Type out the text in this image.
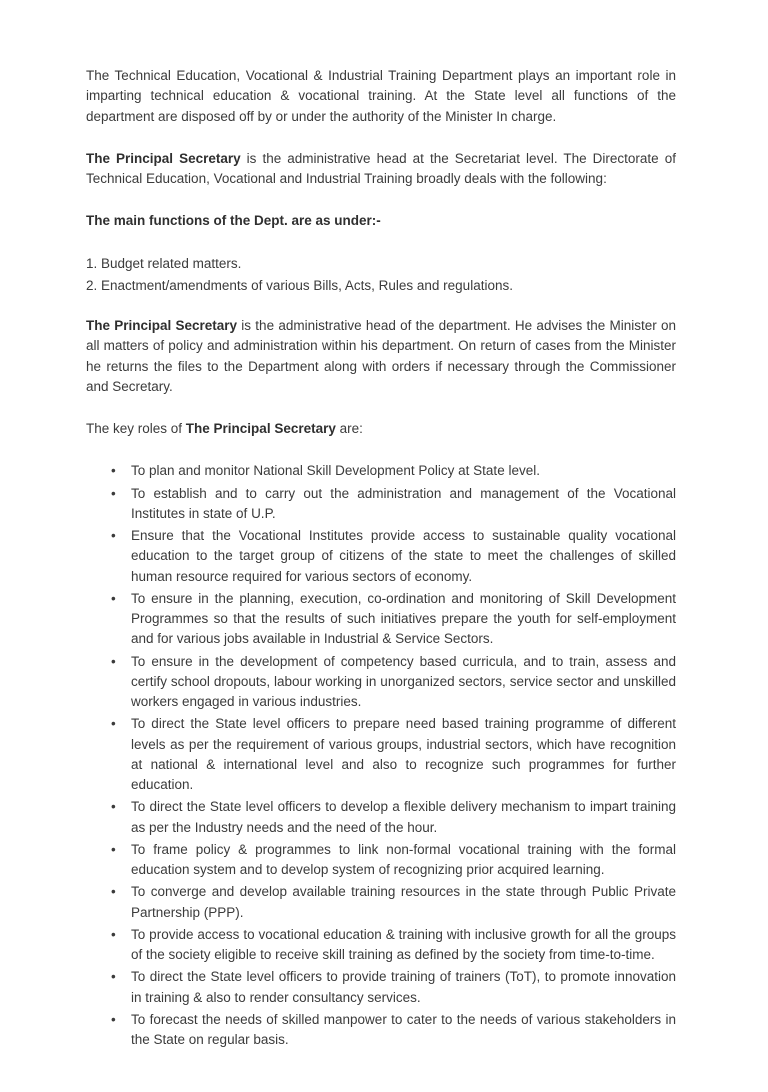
The Technical Education, Vocational & Industrial Training Department plays an important role in imparting technical education & vocational training. At the State level all functions of the department are disposed off by or under the authority of the Minister In charge.
The Principal Secretary is the administrative head at the Secretariat level. The Directorate of Technical Education, Vocational and Industrial Training broadly deals with the following:
The main functions of the Dept. are as under:-
1. Budget related matters.
2. Enactment/amendments of various Bills, Acts, Rules and regulations.
The Principal Secretary is the administrative head of the department. He advises the Minister on all matters of policy and administration within his department. On return of cases from the Minister he returns the files to the Department along with orders if necessary through the Commissioner and Secretary.
The key roles of The Principal Secretary are:
• To plan and monitor National Skill Development Policy at State level.
• To establish and to carry out the administration and management of the Vocational Institutes in state of U.P.
• Ensure that the Vocational Institutes provide access to sustainable quality vocational education to the target group of citizens of the state to meet the challenges of skilled human resource required for various sectors of economy.
• To ensure in the planning, execution, co-ordination and monitoring of Skill Development Programmes so that the results of such initiatives prepare the youth for self-employment and for various jobs available in Industrial & Service Sectors.
• To ensure in the development of competency based curricula, and to train, assess and certify school dropouts, labour working in unorganized sectors, service sector and unskilled workers engaged in various industries.
• To direct the State level officers to prepare need based training programme of different levels as per the requirement of various groups, industrial sectors, which have recognition at national & international level and also to recognize such programmes for further education.
• To direct the State level officers to develop a flexible delivery mechanism to impart training as per the Industry needs and the need of the hour.
• To frame policy & programmes to link non-formal vocational training with the formal education system and to develop system of recognizing prior acquired learning.
• To converge and develop available training resources in the state through Public Private Partnership (PPP).
• To provide access to vocational education & training with inclusive growth for all the groups of the society eligible to receive skill training as defined by the society from time-to-time.
• To direct the State level officers to provide training of trainers (ToT), to promote innovation in training & also to render consultancy services.
• To forecast the needs of skilled manpower to cater to the needs of various stakeholders in the State on regular basis.
